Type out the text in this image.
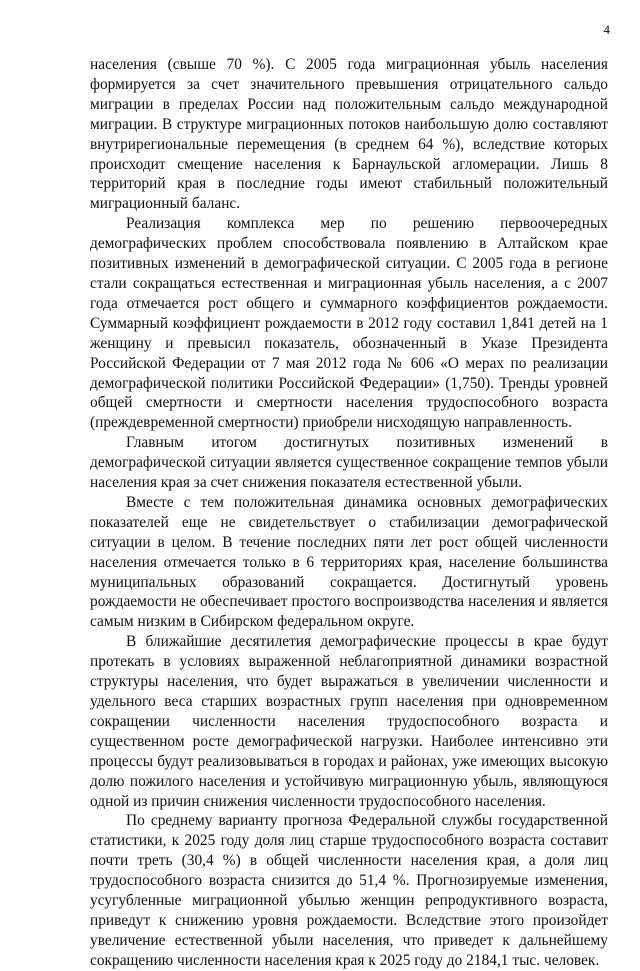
4

населения (свыше 70 %). С 2005 года миграционная убыль населения формируется за счет значительного превышения отрицательного сальдо миграции в пределах России над положительным сальдо международной миграции. В структуре миграционных потоков наибольшую долю составляют внутрирегиональные перемещения (в среднем 64 %), вследствие которых происходит смещение населения к Барнаульской агломерации. Лишь 8 территорий края в последние годы имеют стабильный положительный миграционный баланс.

Реализация комплекса мер по решению первоочередных демографических проблем способствовала появлению в Алтайском крае позитивных изменений в демографической ситуации. С 2005 года в регионе стали сокращаться естественная и миграционная убыль населения, а с 2007 года отмечается рост общего и суммарного коэффициентов рождаемости. Суммарный коэффициент рождаемости в 2012 году составил 1,841 детей на 1 женщину и превысил показатель, обозначенный в Указе Президента Российской Федерации от 7 мая 2012 года № 606 «О мерах по реализации демографической политики Российской Федерации» (1,750). Тренды уровней общей смертности и смертности населения трудоспособного возраста (преждевременной смертности) приобрели нисходящую направленность.

Главным итогом достигнутых позитивных изменений в демографической ситуации является существенное сокращение темпов убыли населения края за счет снижения показателя естественной убыли.

Вместе с тем положительная динамика основных демографических показателей еще не свидетельствует о стабилизации демографической ситуации в целом. В течение последних пяти лет рост общей численности населения отмечается только в 6 территориях края, население большинства муниципальных образований сокращается. Достигнутый уровень рождаемости не обеспечивает простого воспроизводства населения и является самым низким в Сибирском федеральном округе.

В ближайшие десятилетия демографические процессы в крае будут протекать в условиях выраженной неблагоприятной динамики возрастной структуры населения, что будет выражаться в увеличении численности и удельного веса старших возрастных групп населения при одновременном сокращении численности населения трудоспособного возраста и существенном росте демографической нагрузки. Наиболее интенсивно эти процессы будут реализовываться в городах и районах, уже имеющих высокую долю пожилого населения и устойчивую миграционную убыль, являющуюся одной из причин снижения численности трудоспособного населения.

По среднему варианту прогноза Федеральной службы государственной статистики, к 2025 году доля лиц старше трудоспособного возраста составит почти треть (30,4 %) в общей численности населения края, а доля лиц трудоспособного возраста снизится до 51,4 %. Прогнозируемые изменения, усугубленные миграционной убылью женщин репродуктивного возраста, приведут к снижению уровня рождаемости. Вследствие этого произойдет увеличение естественной убыли населения, что приведет к дальнейшему сокращению численности населения края к 2025 году до 2184,1 тыс. человек.
